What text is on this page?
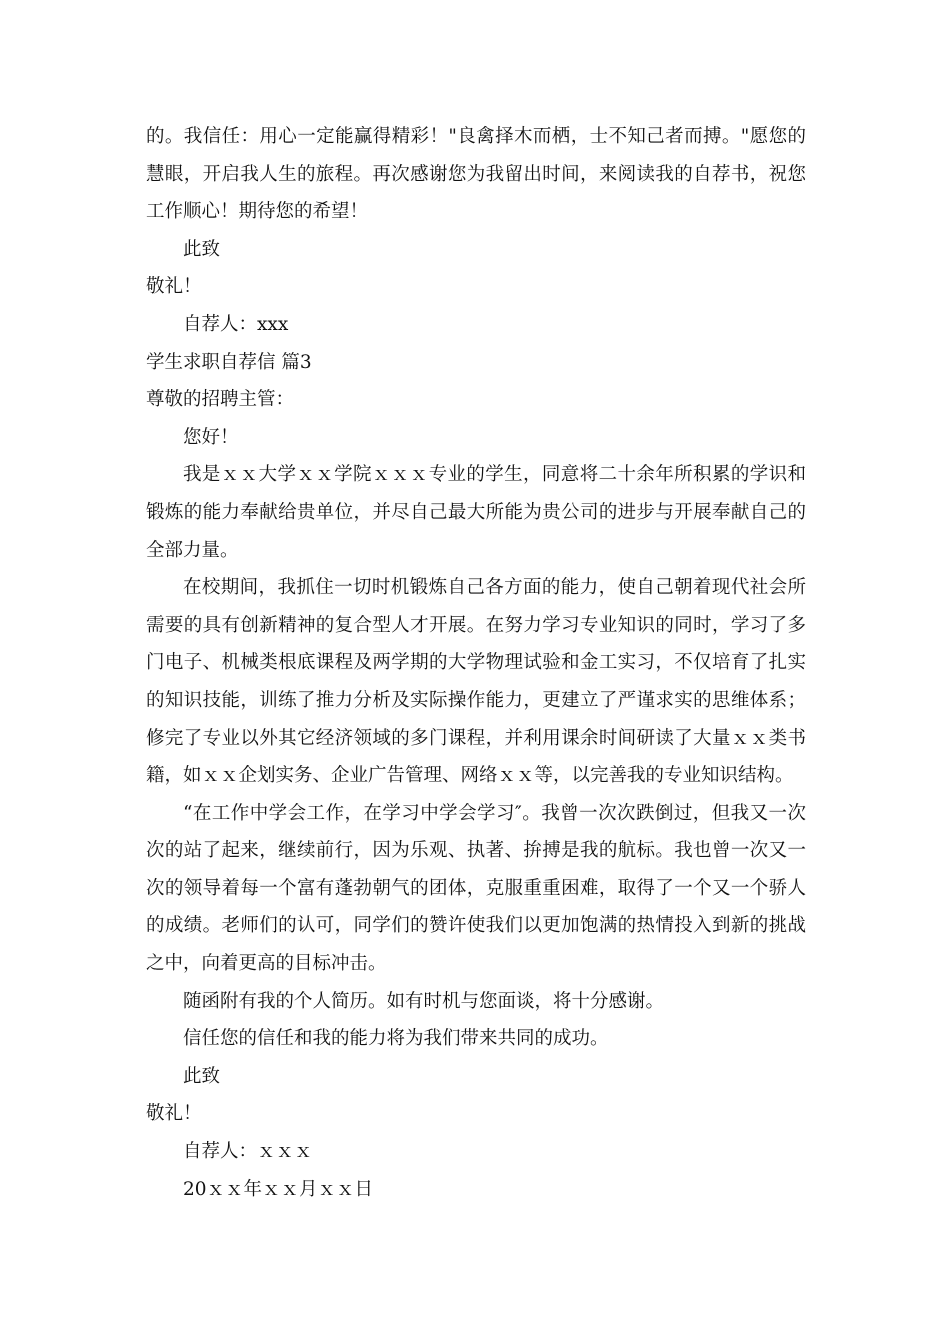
的。我信任：用心一定能赢得精彩！"良禽择木而栖，士不知己者而搏。"愿您的慧眼，开启我人生的旅程。再次感谢您为我留出时间，来阅读我的自荐书，祝您工作顺心！期待您的希望！

此致

敬礼！

自荐人：xxx

学生求职自荐信 篇3

尊敬的招聘主管：

您好！

我是ｘｘ大学ｘｘ学院ｘｘｘ专业的学生，同意将二十余年所积累的学识和锻炼的能力奉献给贵单位，并尽自己最大所能为贵公司的进步与开展奉献自己的全部力量。

在校期间，我抓住一切时机锻炼自己各方面的能力，使自己朝着现代社会所需要的具有创新精神的复合型人才开展。在努力学习专业知识的同时，学习了多门电子、机械类根底课程及两学期的大学物理试验和金工实习，不仅培育了扎实的知识技能，训练了推力分析及实际操作能力，更建立了严谨求实的思维体系；修完了专业以外其它经济领域的多门课程，并利用课余时间研读了大量ｘｘ类书籍，如ｘｘ企划实务、企业广告管理、网络ｘｘ等，以完善我的专业知识结构。

“在工作中学会工作，在学习中学会学习″。我曾一次次跌倒过，但我又一次次的站了起来，继续前行，因为乐观、执著、拚搏是我的航标。我也曾一次又一次的领导着每一个富有蓬勃朝气的团体，克服重重困难，取得了一个又一个骄人的成绩。老师们的认可，同学们的赞许使我们以更加饱满的热情投入到新的挑战之中，向着更高的目标冲击。

随函附有我的个人简历。如有时机与您面谈，将十分感谢。

信任您的信任和我的能力将为我们带来共同的成功。

此致

敬礼！

自荐人：ｘｘｘ

20ｘｘ年ｘｘ月ｘｘ日
